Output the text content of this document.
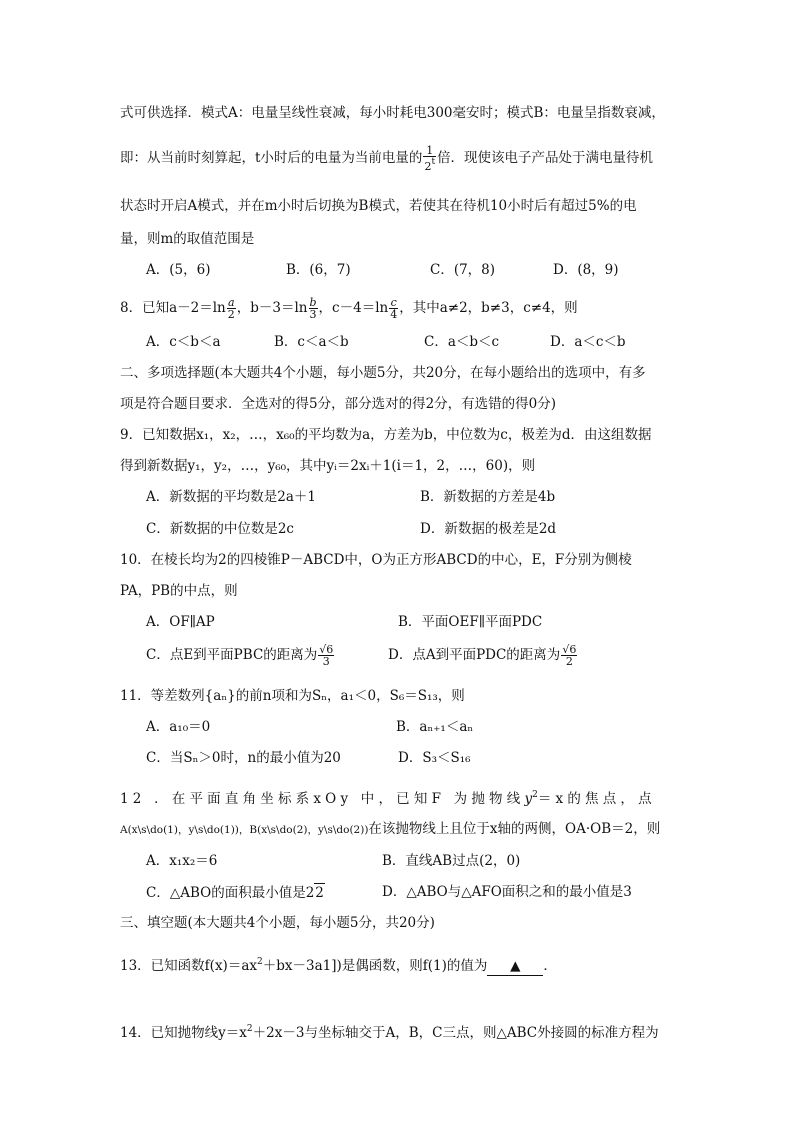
式可供选择．模式A：电量呈线性衰减，每小时耗电300毫安时；模式B：电量呈指数衰减，
即：从当前时刻算起，t小时后的电量为当前电量的 $\frac{1}{2^t}$ 倍．现使该电子产品处于满电量待机
状态时开启A模式，并在m小时后切换为B模式，若使其在待机10小时后有超过5%的电
量，则m的取值范围是
A．(5，6)	B．(6，7)	C．(7，8)	D．(8，9)
8．已知$a-2=\ln \frac{a}{2}$ ，$b-3=\ln \frac{b}{3}$ ，$c-4=\ln \frac{c}{4}$ ，其中a≠2，b≠3，c≠4，则
A．c＜b＜a	B．c＜a＜b	C．a＜b＜c	D．a＜c＜b
二、多项选择题(本大题共4个小题，每小题5分，共20分，在每小题给出的选项中，有多
项是符合题目要求．全选对的得5分，部分选对的得2分，有选错的得0分)
9．已知数据x₁，x₂，…，x₆₀的平均数为a，方差为b，中位数为c，极差为d．由这组数据
得到新数据y₁，y₂，…，y₆₀，其中yᵢ＝2xᵢ＋1(i＝1，2，…，60)，则
A．新数据的平均数是2a＋1	B．新数据的方差是4b
C．新数据的中位数是2c	D．新数据的极差是2d
10．在棱长均为2的四棱锥P－ABCD中，O为正方形ABCD的中心，E，F分别为侧棱
PA，PB的中点，则
A．OF∥AP	B．平面OEF∥平面PDC
C．点E到平面PBC的距离为 $\frac{√6}{3}$	D．点A到平面PDC的距离为 $\frac{√6}{2}$
11．等差数列{aₙ}的前n项和为Sₙ，a₁＜0，S₆＝S₁₃，则
A．a₁₀＝0	B．aₙ₊₁＜aₙ
C．当Sₙ＞0时，n的最小值为20	D．S₃＜S₁₆
12 ．在平面直角坐标系xOy 中，已知F 为抛物线$y^2=x$的焦点，点
A(x\s\do(1)，y\s\do(1))，B(x\s\do(2)，y\s\do(2))在该抛物线上且位于x轴的两侧，OA·OB＝2，则
A．x₁x₂＝6	B．直线AB过点(2，0)
C．△ABO的面积最小值是22	D．△ABO与△AFO面积之和的最小值是3
三、填空题(本大题共4个小题，每小题5分，共20分)
13．已知函数$f(x)=ax^2+bx-3a1$])是偶函数，则f(1)的值为 ▲ ．
14．已知抛物线$y=x^2+2x-3$与坐标轴交于A，B，C三点，则△ABC外接圆的标准方程为
